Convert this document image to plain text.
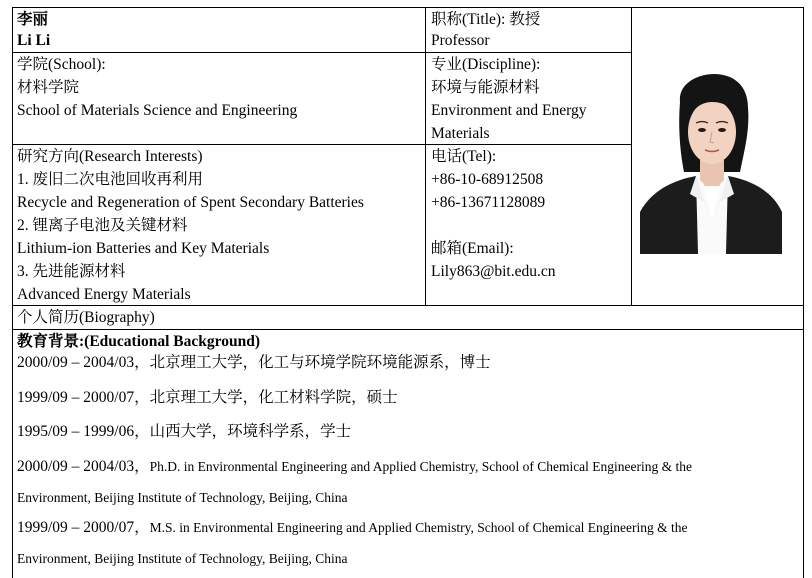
李丽
Li Li
职称(Title): 教授
Professor
学院(School):
材料学院
School of Materials Science and Engineering
专业(Discipline):
环境与能源材料
Environment and Energy
Materials
研究方向(Research Interests)
1. 废旧二次电池回收再利用
Recycle and Regeneration of Spent Secondary Batteries
2. 锂离子电池及关键材料
Lithium-ion Batteries and Key Materials
3. 先进能源材料
Advanced Energy Materials
电话(Tel):
+86-10-68912508
+86-13671128089
邮箱(Email):
Lily863@bit.edu.cn
个人简历(Biography)
教育背景:(Educational Background)
2000/09 – 2004/03，北京理工大学，化工与环境学院环境能源系，博士
1999/09 – 2000/07，北京理工大学，化工材料学院，硕士
1995/09 – 1999/06，山西大学，环境科学系，学士
2000/09 – 2004/03，Ph.D. in Environmental Engineering and Applied Chemistry, School of Chemical Engineering & the
Environment, Beijing Institute of Technology, Beijing, China
1999/09 – 2000/07，M.S. in Environmental Engineering and Applied Chemistry, School of Chemical Engineering & the
Environment, Beijing Institute of Technology, Beijing, China
